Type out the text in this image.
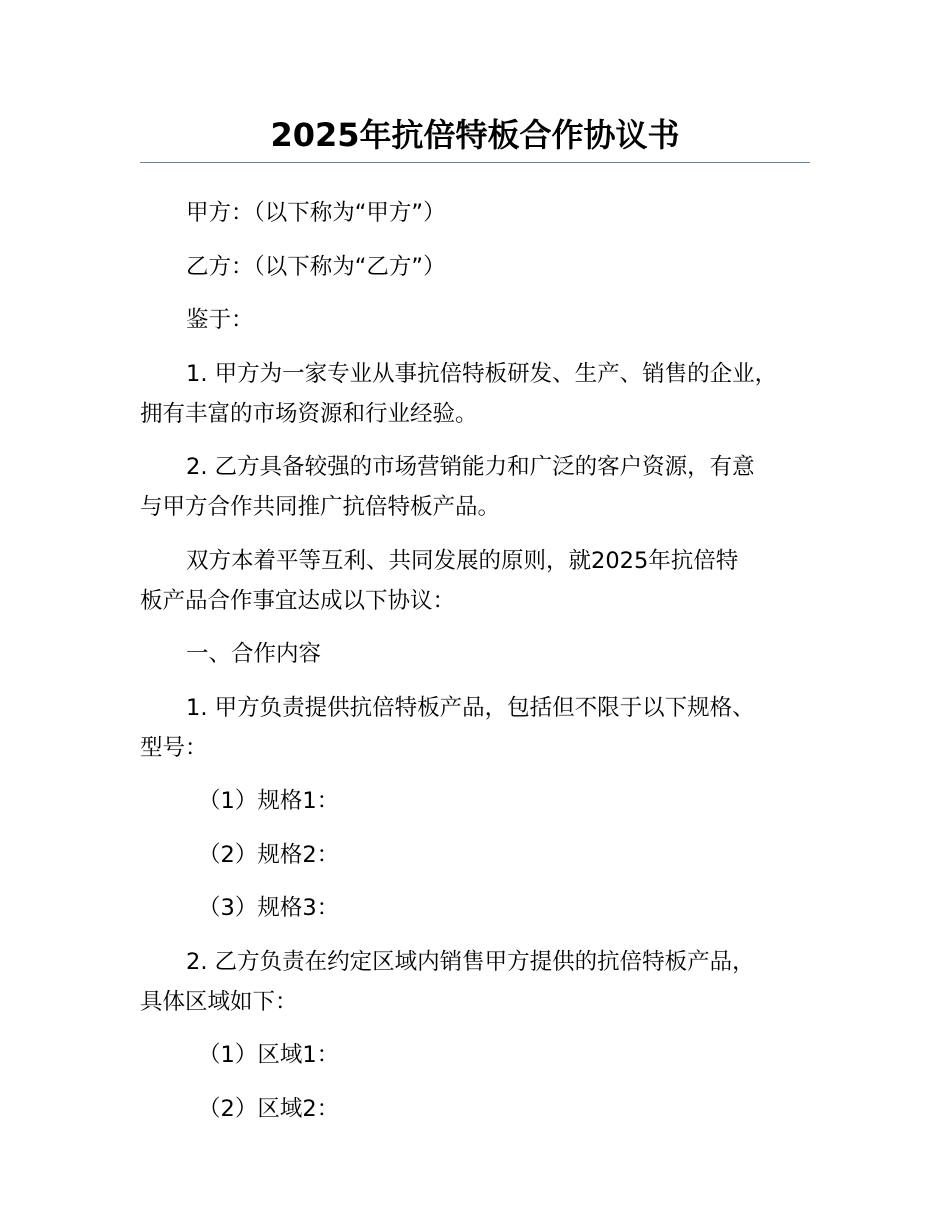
2025年抗倍特板合作协议书

甲方：（以下称为“甲方”）

乙方：（以下称为“乙方”）

鉴于：

1. 甲方为一家专业从事抗倍特板研发、生产、销售的企业，
拥有丰富的市场资源和行业经验。

2. 乙方具备较强的市场营销能力和广泛的客户资源，有意
与甲方合作共同推广抗倍特板产品。

双方本着平等互利、共同发展的原则，就2025年抗倍特
板产品合作事宜达成以下协议：

一、合作内容

1. 甲方负责提供抗倍特板产品，包括但不限于以下规格、
型号：

（1）规格1：

（2）规格2：

（3）规格3：

2. 乙方负责在约定区域内销售甲方提供的抗倍特板产品，
具体区域如下：

（1）区域1：

（2）区域2：
